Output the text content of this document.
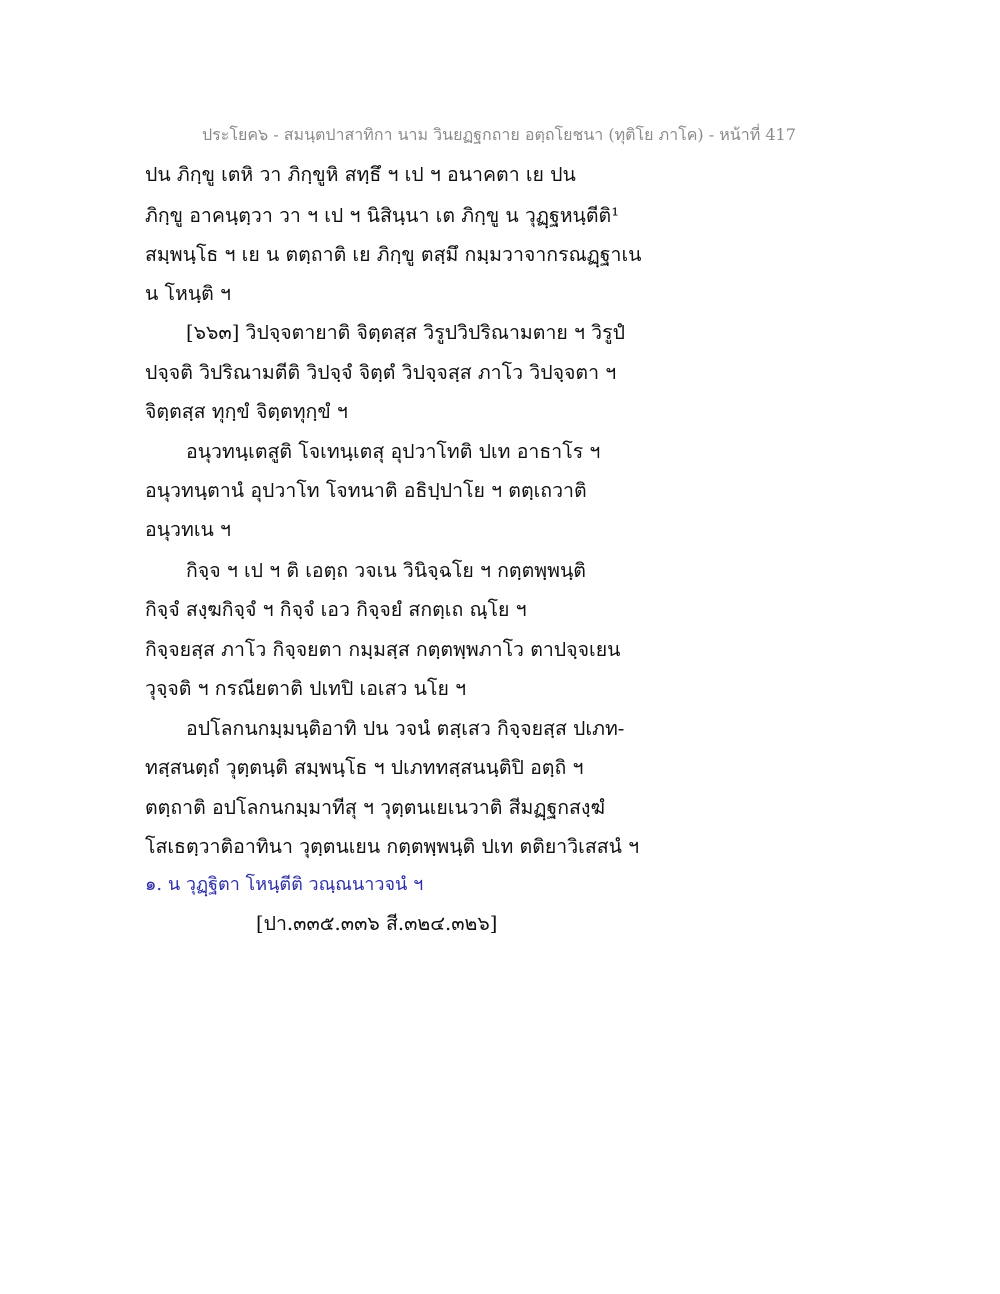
ประโยค๖ - สมนฺตปาสาทิกา นาม วินยฏฐกถาย อตฺถโยชนา (ทุติโย ภาโค) - หน้าที่ 417
ปน ภิกฺขู เตหิ วา ภิกฺขูหิ สทฺธึ ฯ เป ฯ อนาคตา เย ปน
ภิกฺขู อาคนฺตฺวา วา ฯ เป ฯ นิสินฺนา เต ภิกฺขู น วุฏฺฐหนฺตีติ¹
สมฺพนฺโธ ฯ เย น ตตฺถาติ เย ภิกฺขู ตสฺมึ กมฺมวาจากรณฏฺฐาเน
น โหนฺติ ฯ
[๖๖๓] วิปจฺจตายาติ จิตฺตสฺส วิรูปวิปริณามตาย ฯ วิรูปํ
ปจฺจติ วิปริณามตีติ วิปจฺจํ จิตฺตํ วิปจฺจสฺส ภาโว วิปจฺจตา ฯ
จิตฺตสฺส ทุกฺขํ จิตฺตทุกฺขํ ฯ
อนุวทนฺเตสูติ โจเทนฺเตสุ อุปวาโทติ ปเท อาธาโร ฯ
อนุวทนฺตานํ อุปวาโท โจทนาติ อธิปฺปาโย ฯ ตตฺเถวาติ
อนุวทเน ฯ
กิจฺจ ฯ เป ฯ ติ เอตฺถ วจเน วินิจฺฉโย ฯ กตฺตพฺพนฺติ
กิจฺจํ สงฺฆกิจฺจํ ฯ กิจฺจํ เอว กิจฺจยํ สกตฺเถ ณฺโย ฯ
กิจฺจยสฺส ภาโว กิจฺจยตา กมฺมสฺส กตฺตพฺพภาโว ตาปจฺจเยน
วุจฺจติ ฯ กรณียตาติ ปเทปิ เอเสว นโย ฯ
อปโลกนกมฺมนฺติอาทิ ปน วจนํ ตสฺเสว กิจฺจยสฺส ปเภท-
ทสฺสนตฺถํ วุตฺตนฺติ สมฺพนฺโธ ฯ ปเภททสฺสนนฺติปิ อตฺถิ ฯ
ตตฺถาติ อปโลกนกมฺมาทีสุ ฯ วุตฺตนเยเนวาติ สีมฏฺฐกสงฺฆํ
โสเธตฺวาติอาทินา วุตฺตนเยน กตฺตพฺพนฺติ ปเท ตติยาวิเสสนํ ฯ
๑. น วุฏฺฐิตา โหนฺตีติ วณฺณนาวจนํ ฯ
[ปา.๓๓๕.๓๓๖ สี.๓๒๔.๓๒๖]
